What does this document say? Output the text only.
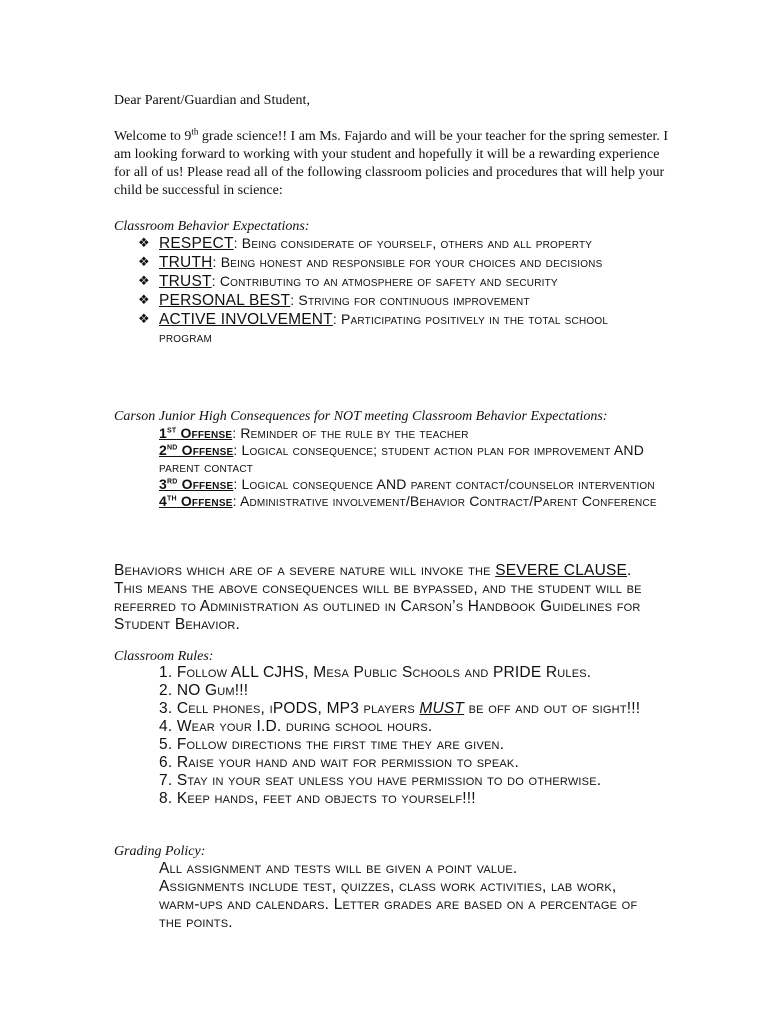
Dear Parent/Guardian and Student,
Welcome to 9th grade science!! I am Ms. Fajardo and will be your teacher for the spring semester. I am looking forward to working with your student and hopefully it will be a rewarding experience for all of us! Please read all of the following classroom policies and procedures that will help your child be successful in science:
Classroom Behavior Expectations:
❖ RESPECT: Being considerate of yourself, others and all property
❖ TRUTH: Being honest and responsible for your choices and decisions
❖ TRUST: Contributing to an atmosphere of safety and security
❖ PERSONAL BEST: Striving for continuous improvement
❖ ACTIVE INVOLVEMENT: Participating positively in the total school program
Carson Junior High Consequences for NOT meeting Classroom Behavior Expectations:

1st Offense: Reminder of the rule by the teacher

2nd Offense: Logical consequence; student action plan for improvement AND parent contact

3rd Offense: Logical consequence AND parent contact/counselor intervention

4th Offense: Administrative involvement/Behavior Contract/Parent Conference

Behaviors which are of a severe nature will invoke the SEVERE CLAUSE. This means the above consequences will be bypassed, and the student will be referred to Administration as outlined in Carson’s Handbook Guidelines for Student Behavior.
Classroom Rules:

1. Follow ALL CJHS, Mesa Public Schools and PRIDE Rules.

2. NO Gum!!!

3. Cell phones, iPODS, MP3 players MUST be off and out of sight!!!

4. Wear your I.D. during school hours.

5. Follow directions the first time they are given.

6. Raise your hand and wait for permission to speak.

7. Stay in your seat unless you have permission to do otherwise.

8. Keep hands, feet and objects to yourself!!!

Grading Policy:

All assignment and tests will be given a point value.

Assignments include test, quizzes, class work activities, lab work, warm-ups and calendars. Letter grades are based on a percentage of the points.
